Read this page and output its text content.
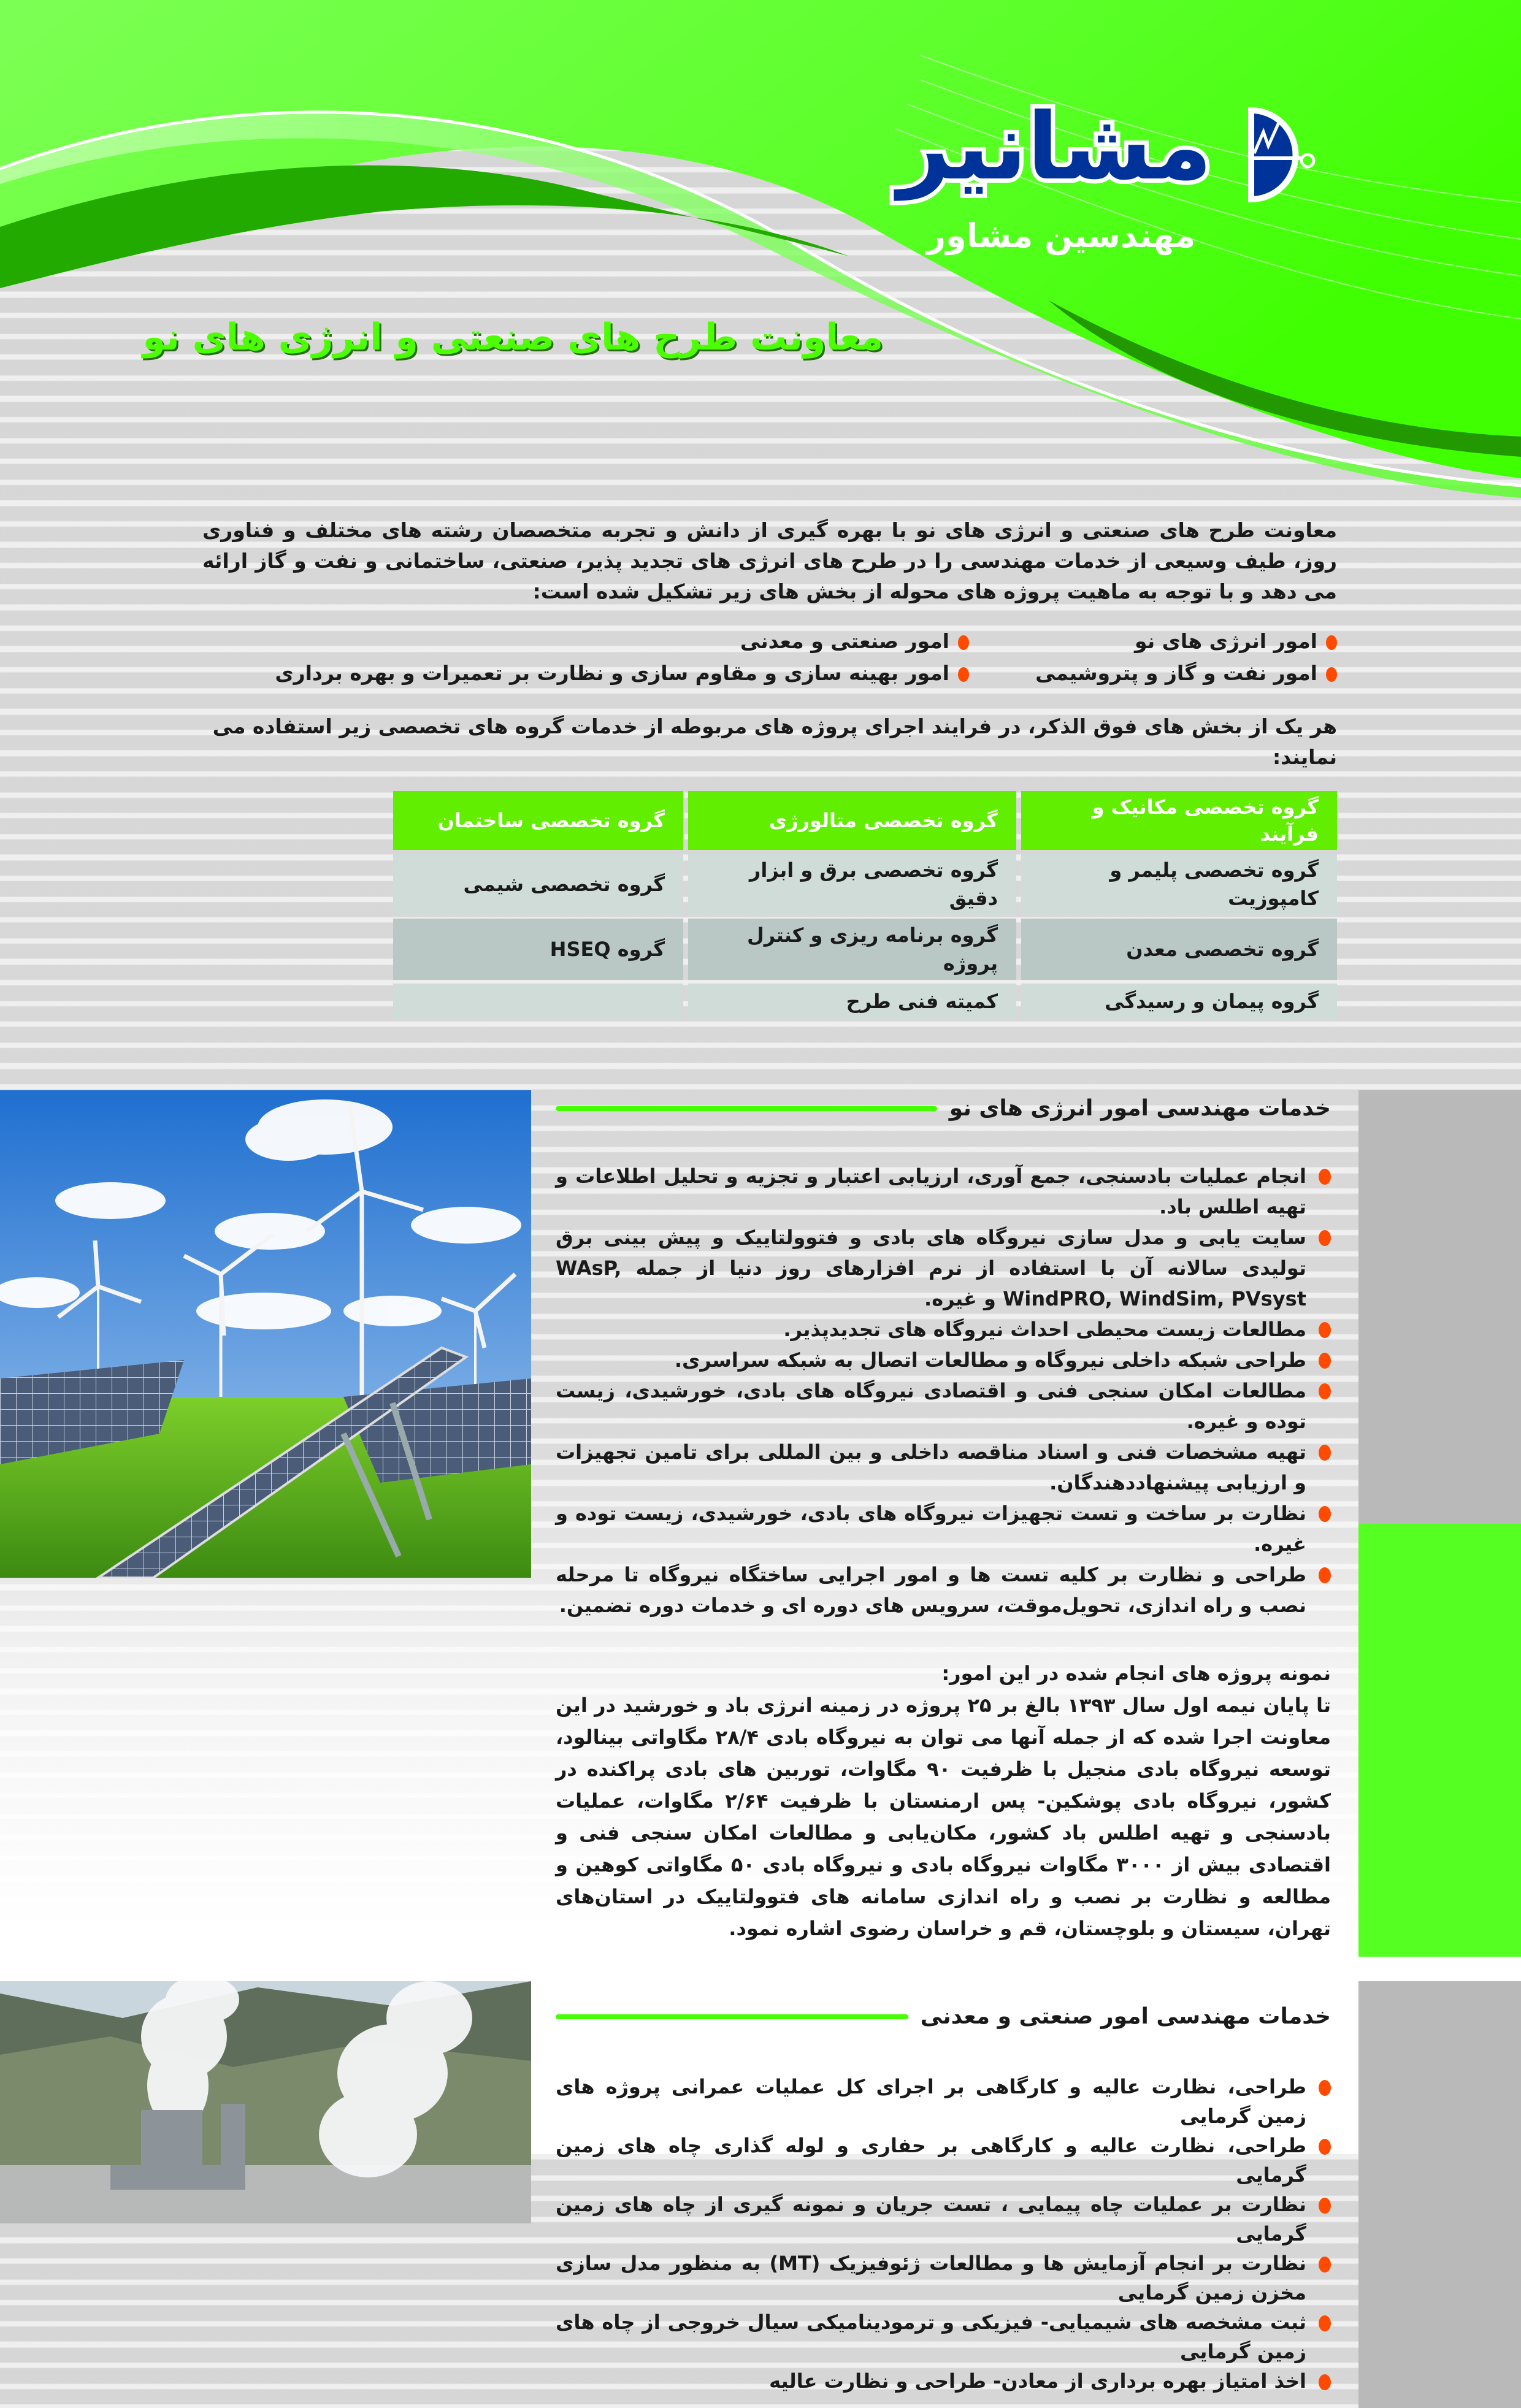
مشانیر
مهندسین مشاور
معاونت طرح های صنعتی و انرژی های نو

معاونت طرح های صنعتی و انرژی های نو با بهره گیری از دانش و تجربه متخصصان رشته های مختلف و فناوری روز، طیف وسیعی از خدمات مهندسی را در طرح های انرژی های تجدید پذیر، صنعتی، ساختمانی و نفت و گاز ارائه می دهد و با توجه به ماهیت پروژه های محوله از بخش های زیر تشکیل شده است:

امور انرژی های نو
امور صنعتی و معدنی
امور نفت و گاز و پتروشیمی
امور بهینه سازی و مقاوم سازی و نظارت بر تعمیرات و بهره برداری

هر یک از بخش های فوق الذکر، در فرایند اجرای پروژه های مربوطه از خدمات گروه های تخصصی زیر استفاده می نمایند:

گروه تخصصی مکانیک و فرآیند	گروه تخصصی متالورژی	گروه تخصصی ساختمان
گروه تخصصی پلیمر و کامپوزیت	گروه تخصصی برق و ابزار دقیق	گروه تخصصی شیمی
گروه تخصصی معدن	گروه برنامه ریزی و کنترل پروژه	گروه HSEQ
گروه پیمان و رسیدگی	کمیته فنی طرح	
خدمات مهندسی امور انرژی های نو
انجام عملیات بادسنجی، جمع آوری، ارزیابی اعتبار و تجزیه و تحلیل اطلاعات و تهیه اطلس باد.
سایت یابی و مدل سازی نیروگاه های بادی و فتوولتاییک و پیش بینی برق تولیدی سالانه آن با استفاده از نرم افزارهای روز دنیا از جمله WAsP, WindPRO, WindSim, PVsyst و غیره.
مطالعات زیست محیطی احداث نیروگاه های تجدیدپذیر.
طراحی شبکه داخلی نیروگاه و مطالعات اتصال به شبکه سراسری.
مطالعات امکان سنجی فنی و اقتصادی نیروگاه های بادی، خورشیدی، زیست توده و غیره.
تهیه مشخصات فنی و اسناد مناقصه داخلی و بین المللی برای تامین تجهیزات و ارزیابی پیشنهاددهندگان.
نظارت بر ساخت و تست تجهیزات نیروگاه های بادی، خورشیدی، زیست توده و غیره.
طراحی و نظارت بر کلیه تست ها و امور اجرایی ساختگاه نیروگاه تا مرحله نصب و راه اندازی، تحویل‌موقت، سرویس های دوره ای و خدمات دوره تضمین.
نمونه پروژه های انجام شده در این امور:

تا پایان نیمه اول سال ۱۳۹۳ بالغ بر ۲۵ پروژه در زمینه انرژی باد و خورشید در این معاونت اجرا شده که از جمله آنها می توان به نیروگاه بادی ۲۸/۴ مگاواتی بینالود، توسعه نیروگاه بادی منجیل با ظرفیت ۹۰ مگاوات، توربین های بادی پراکنده در کشور، نیروگاه بادی پوشکین- پس ارمنستان با ظرفیت ۲/۶۴ مگاوات، عملیات بادسنجی و تهیه اطلس باد کشور، مکان‌یابی و مطالعات امکان سنجی فنی و اقتصادی بیش از ۳۰۰۰ مگاوات نیروگاه بادی و نیروگاه بادی ۵۰ مگاواتی کوهین و مطالعه و نظارت بر نصب و راه اندازی سامانه های فتوولتاییک در استان‌های تهران، سیستان و بلوچستان، قم و خراسان رضوی اشاره نمود.

خدمات مهندسی امور صنعتی و معدنی
طراحی، نظارت عالیه و کارگاهی بر اجرای کل عملیات عمرانی پروژه های زمین گرمایی
طراحی، نظارت عالیه و کارگاهی بر حفاری و لوله گذاری چاه های زمین گرمایی
نظارت بر عملیات چاه پیمایی ، تست جریان و نمونه گیری از چاه های زمین گرمایی
نظارت بر انجام آزمایش ها و مطالعات ژئوفیزیک (MT) به منظور مدل سازی مخزن زمین گرمایی
ثبت مشخصه های شیمیایی- فیزیکی و ترمودینامیکی سیال خروجی از چاه های زمین گرمایی
اخذ امتیاز بهره برداری از معادن- طراحی و نظارت عالیه
